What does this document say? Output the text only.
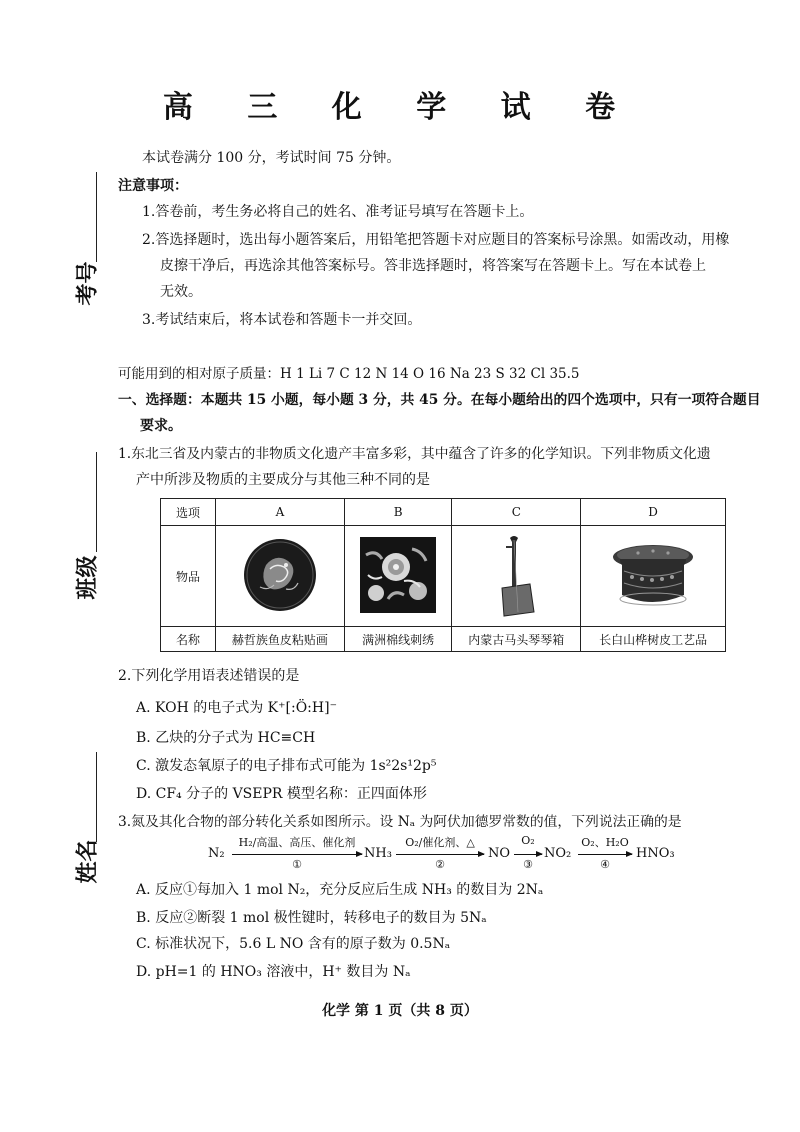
高 三 化 学 试 卷
本试卷满分 100 分，考试时间 75 分钟。
注意事项：
1.答卷前，考生务必将自己的姓名、准考证号填写在答题卡上。
2.答选择题时，选出每小题答案后，用铅笔把答题卡对应题目的答案标号涂黑。如需改动，用橡
皮擦干净后，再选涂其他答案标号。答非选择题时，将答案写在答题卡上。写在本试卷上
无效。
3.考试结束后，将本试卷和答题卡一并交回。
考号
班级
姓名
可能用到的相对原子质量：H 1 Li 7 C 12 N 14 O 16 Na 23 S 32 Cl 35.5
一、选择题：本题共 15 小题，每小题 3 分，共 45 分。在每小题给出的四个选项中，只有一项符合题目
要求。
1.东北三省及内蒙古的非物质文化遗产丰富多彩，其中蕴含了许多的化学知识。下列非物质文化遗
产中所涉及物质的主要成分与其他三种不同的是
选项	A	B	C	D
物品				
名称	赫哲族鱼皮粘贴画	满洲棉线刺绣	内蒙古马头琴琴箱	长白山桦树皮工艺品
2.下列化学用语表述错误的是
A. KOH 的电子式为 K⁺[:Ö:H]⁻
B. 乙炔的分子式为 HC≡CH
C. 激发态氧原子的电子排布式可能为 1s²2s¹2p⁵
D. CF₄ 分子的 VSEPR 模型名称：正四面体形
3.氮及其化合物的部分转化关系如图所示。设 Nₐ 为阿伏加德罗常数的值，下列说法正确的是
N₂
H₂/高温、高压、催化剂
①
NH₃
O₂/催化剂、△
②
NO
O₂
③
NO₂
O₂、H₂O
④
HNO₃
A. 反应①每加入 1 mol N₂，充分反应后生成 NH₃ 的数目为 2Nₐ
B. 反应②断裂 1 mol 极性键时，转移电子的数目为 5Nₐ
C. 标准状况下，5.6 L NO 含有的原子数为 0.5Nₐ
D. pH=1 的 HNO₃ 溶液中，H⁺ 数目为 Nₐ
化学 第 1 页（共 8 页）
